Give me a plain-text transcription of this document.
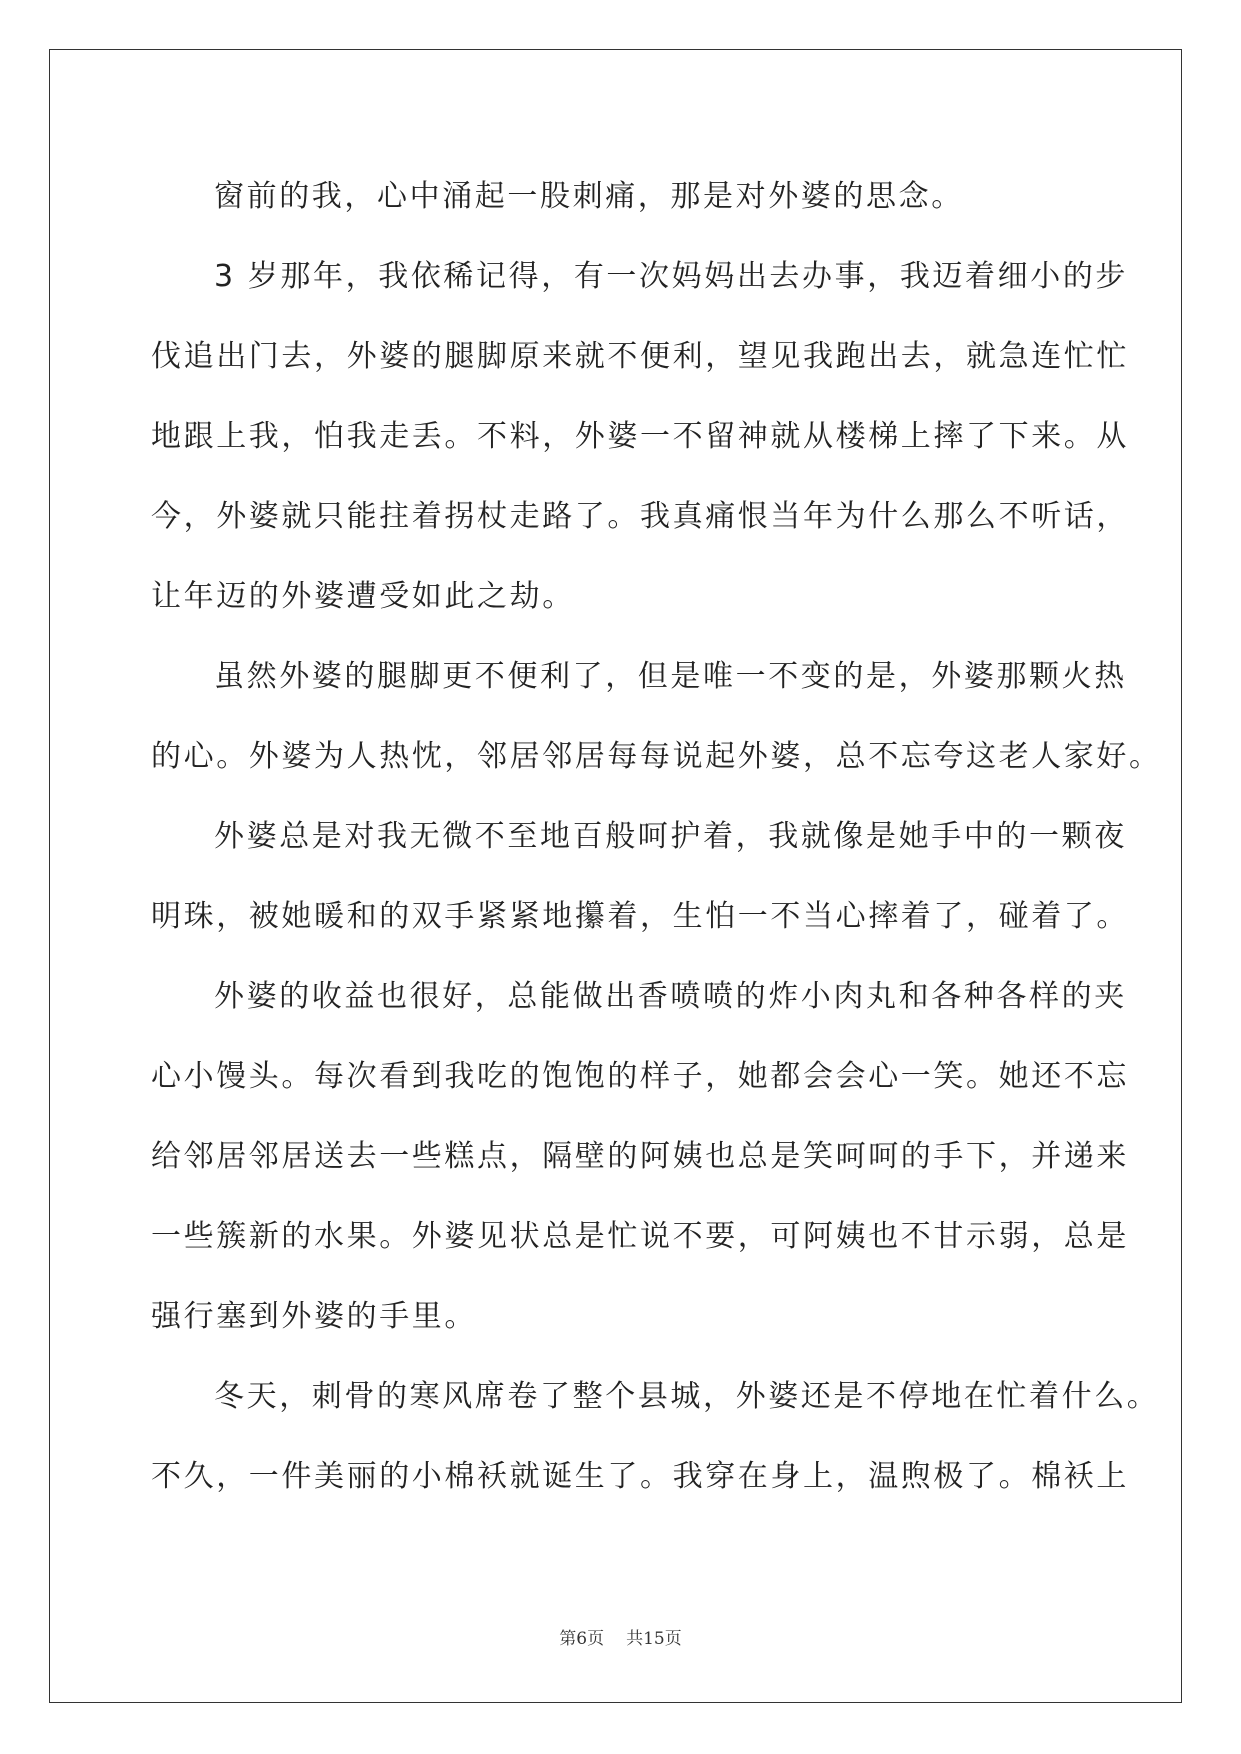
窗前的我，心中涌起一股刺痛，那是对外婆的思念。
3 岁那年，我依稀记得，有一次妈妈出去办事，我迈着细小的步
伐追出门去，外婆的腿脚原来就不便利，望见我跑出去，就急连忙忙
地跟上我，怕我走丢。不料，外婆一不留神就从楼梯上摔了下来。从
今，外婆就只能拄着拐杖走路了。我真痛恨当年为什么那么不听话，
让年迈的外婆遭受如此之劫。
虽然外婆的腿脚更不便利了，但是唯一不变的是，外婆那颗火热
的心。外婆为人热忱，邻居邻居每每说起外婆，总不忘夸这老人家好。
外婆总是对我无微不至地百般呵护着，我就像是她手中的一颗夜
明珠，被她暖和的双手紧紧地攥着，生怕一不当心摔着了，碰着了。
外婆的收益也很好，总能做出香喷喷的炸小肉丸和各种各样的夹
心小馒头。每次看到我吃的饱饱的样子，她都会会心一笑。她还不忘
给邻居邻居送去一些糕点，隔壁的阿姨也总是笑呵呵的手下，并递来
一些簇新的水果。外婆见状总是忙说不要，可阿姨也不甘示弱，总是
强行塞到外婆的手里。
冬天，刺骨的寒风席卷了整个县城，外婆还是不停地在忙着什么。
不久，一件美丽的小棉袄就诞生了。我穿在身上，温煦极了。棉袄上
第6页 共15页
